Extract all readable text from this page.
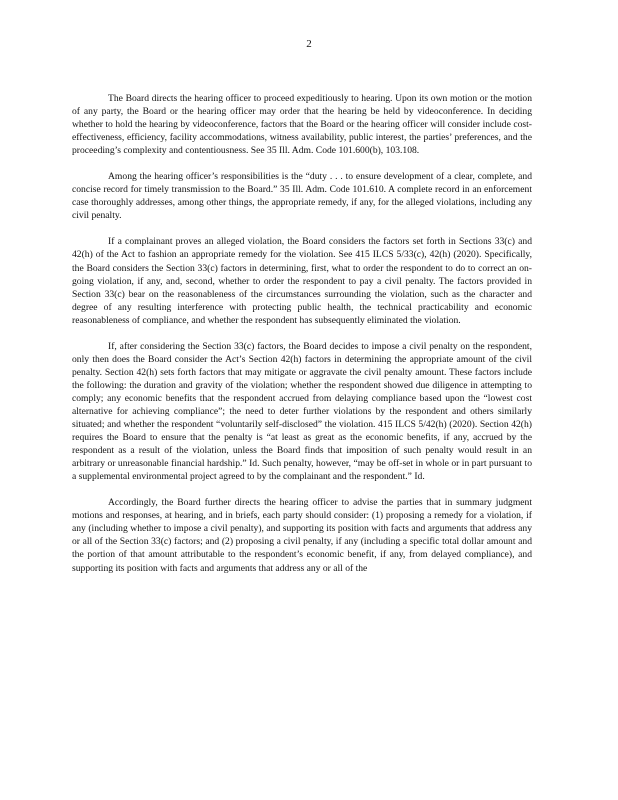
2

The Board directs the hearing officer to proceed expeditiously to hearing. Upon its own motion or the motion of any party, the Board or the hearing officer may order that the hearing be held by videoconference. In deciding whether to hold the hearing by videoconference, factors that the Board or the hearing officer will consider include cost-effectiveness, efficiency, facility accommodations, witness availability, public interest, the parties’ preferences, and the proceeding’s complexity and contentiousness. See 35 Ill. Adm. Code 101.600(b), 103.108.

Among the hearing officer’s responsibilities is the “duty . . . to ensure development of a clear, complete, and concise record for timely transmission to the Board.” 35 Ill. Adm. Code 101.610. A complete record in an enforcement case thoroughly addresses, among other things, the appropriate remedy, if any, for the alleged violations, including any civil penalty.

If a complainant proves an alleged violation, the Board considers the factors set forth in Sections 33(c) and 42(h) of the Act to fashion an appropriate remedy for the violation. See 415 ILCS 5/33(c), 42(h) (2020). Specifically, the Board considers the Section 33(c) factors in determining, first, what to order the respondent to do to correct an on-going violation, if any, and, second, whether to order the respondent to pay a civil penalty. The factors provided in Section 33(c) bear on the reasonableness of the circumstances surrounding the violation, such as the character and degree of any resulting interference with protecting public health, the technical practicability and economic reasonableness of compliance, and whether the respondent has subsequently eliminated the violation.

If, after considering the Section 33(c) factors, the Board decides to impose a civil penalty on the respondent, only then does the Board consider the Act’s Section 42(h) factors in determining the appropriate amount of the civil penalty. Section 42(h) sets forth factors that may mitigate or aggravate the civil penalty amount. These factors include the following: the duration and gravity of the violation; whether the respondent showed due diligence in attempting to comply; any economic benefits that the respondent accrued from delaying compliance based upon the “lowest cost alternative for achieving compliance”; the need to deter further violations by the respondent and others similarly situated; and whether the respondent “voluntarily self-disclosed” the violation. 415 ILCS 5/42(h) (2020). Section 42(h) requires the Board to ensure that the penalty is “at least as great as the economic benefits, if any, accrued by the respondent as a result of the violation, unless the Board finds that imposition of such penalty would result in an arbitrary or unreasonable financial hardship.” Id. Such penalty, however, “may be off-set in whole or in part pursuant to a supplemental environmental project agreed to by the complainant and the respondent.” Id.

Accordingly, the Board further directs the hearing officer to advise the parties that in summary judgment motions and responses, at hearing, and in briefs, each party should consider: (1) proposing a remedy for a violation, if any (including whether to impose a civil penalty), and supporting its position with facts and arguments that address any or all of the Section 33(c) factors; and (2) proposing a civil penalty, if any (including a specific total dollar amount and the portion of that amount attributable to the respondent’s economic benefit, if any, from delayed compliance), and supporting its position with facts and arguments that address any or all of the
